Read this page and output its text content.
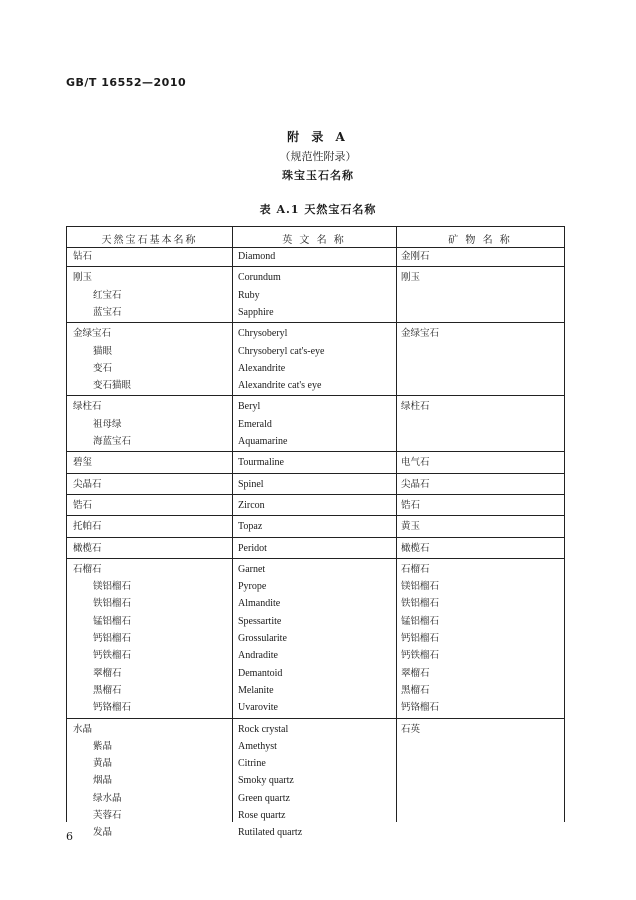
GB/T 16552—2010
附 录 A
（规范性附录）
珠宝玉石名称
表 A.1 天然宝石名称
天然宝石基本名称	英 文 名 称	矿 物 名 称
钻石	Diamond	金刚石
刚玉	Corundum	刚玉
红宝石	Ruby
蓝宝石	Sapphire
金绿宝石	Chrysoberyl	金绿宝石
猫眼	Chrysoberyl cat's-eye
变石	Alexandrite
变石猫眼	Alexandrite cat's eye
绿柱石	Beryl	绿柱石
祖母绿	Emerald
海蓝宝石	Aquamarine
碧玺	Tourmaline	电气石
尖晶石	Spinel	尖晶石
锆石	Zircon	锆石
托帕石	Topaz	黄玉
橄榄石	Peridot	橄榄石
石榴石	Garnet	石榴石
镁铝榴石	Pyrope	镁铝榴石
铁铝榴石	Almandite	铁铝榴石
锰铝榴石	Spessartite	锰铝榴石
钙铝榴石	Grossularite	钙铝榴石
钙铁榴石	Andradite	钙铁榴石
翠榴石	Demantoid	翠榴石
黑榴石	Melanite	黑榴石
钙铬榴石	Uvarovite	钙铬榴石
水晶	Rock crystal	石英
紫晶	Amethyst
黄晶	Citrine
烟晶	Smoky quartz
绿水晶	Green quartz
芙蓉石	Rose quartz
发晶	Rutilated quartz
6
